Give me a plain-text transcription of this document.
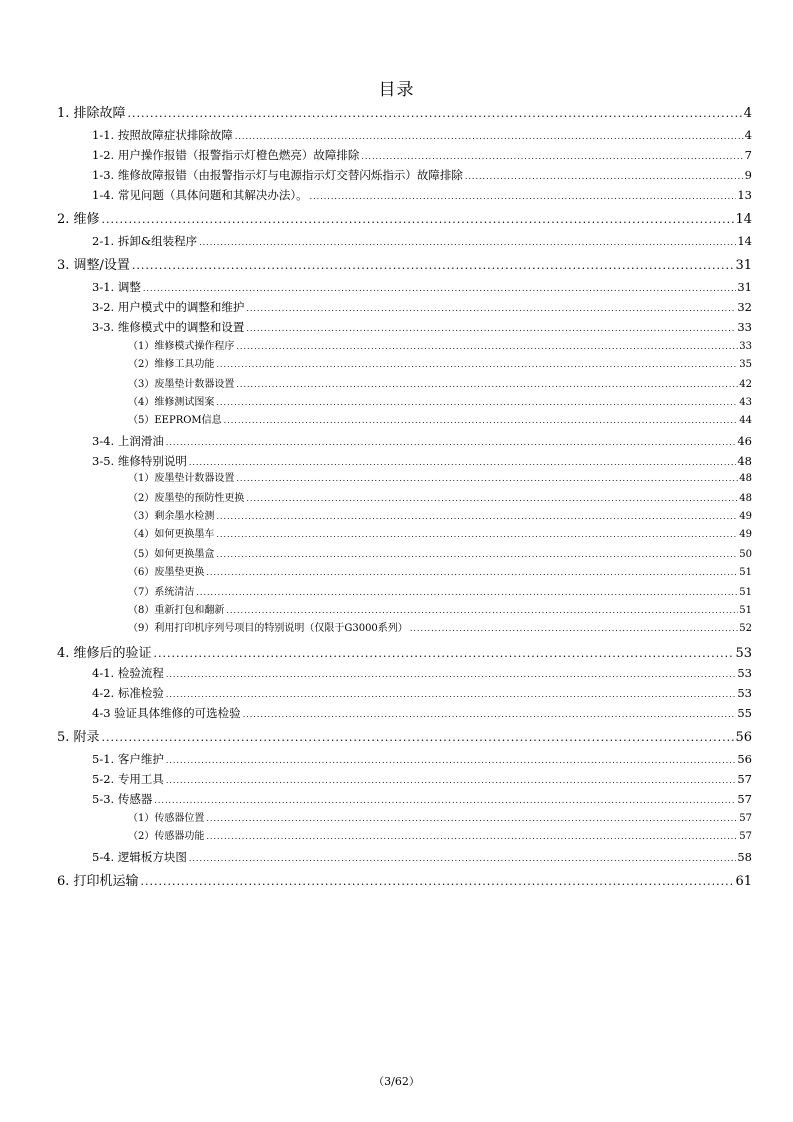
目录
1. 排除故障 .....	4
1-1. 按照故障症状排除故障 .....	4
1-2. 用户操作报错（报警指示灯橙色燃亮）故障排除 .....	7
1-3. 维修故障报错（由报警指示灯与电源指示灯交替闪烁指示）故障排除 .....	9
1-4. 常见问题（具体问题和其解决办法）。 .....	13
2. 维修 .....	14
2-1. 拆卸&组装程序 .....	14
3. 调整/设置 .....	31
3-1. 调整 .....	31
3-2. 用户模式中的调整和维护 .....	32
3-3. 维修模式中的调整和设置 .....	33
（1）维修模式操作程序 .....	33
（2）维修工具功能 .....	35
（3）废墨垫计数器设置 .....	42
（4）维修测试图案 .....	43
（5）EEPROM信息 .....	44
3-4. 上润滑油 .....	46
3-5. 维修特别说明 .....	48
（1）废墨垫计数器设置 .....	48
（2）废墨垫的预防性更换 .....	48
（3）剩余墨水检测 .....	49
（4）如何更换墨车 .....	49
（5）如何更换墨盒 .....	50
（6）废墨垫更换 .....	51
（7）系统清洁 .....	51
（8）重新打包和翻新 .....	51
（9）利用打印机序列号项目的特别说明（仅限于G3000系列） .....	52
4. 维修后的验证 .....	53
4-1. 检验流程 .....	53
4-2. 标准检验 .....	53
4-3 验证具体维修的可选检验 .....	55
5. 附录 .....	56
5-1. 客户维护 .....	56
5-2. 专用工具 .....	57
5-3. 传感器 .....	57
（1）传感器位置 .....	57
（2）传感器功能 .....	57
5-4. 逻辑板方块图 .....	58
6. 打印机运输 .....	61
（3/62）
